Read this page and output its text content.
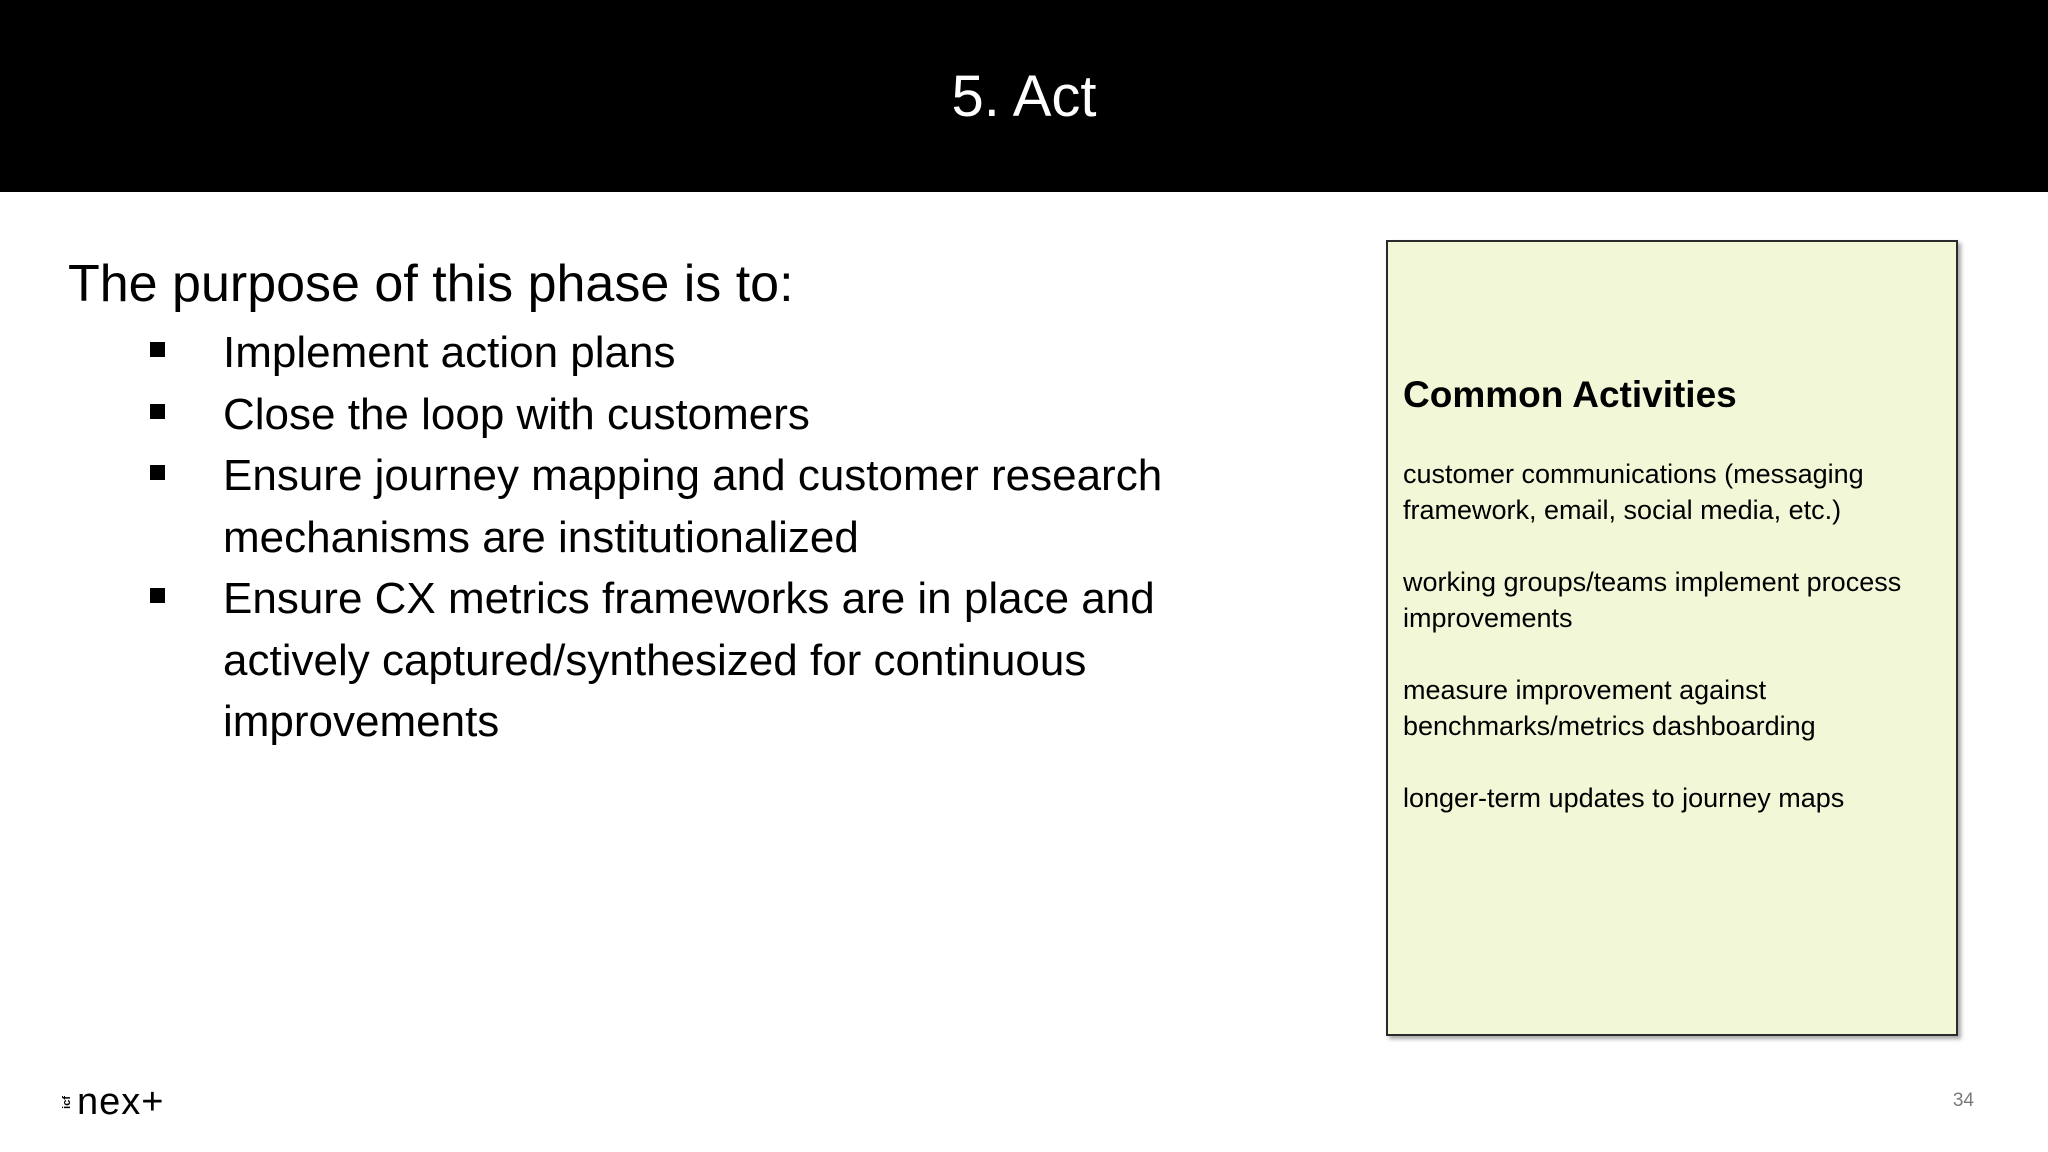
5. Act

The purpose of this phase is to:

Implement action plans
Close the loop with customers
Ensure journey mapping and customer research mechanisms are institutionalized
Ensure CX metrics frameworks are in place and actively captured/synthesized for continuous improvements
Common Activities
customer communications (messaging framework, email, social media, etc.)
working groups/teams implement process improvements
measure improvement against benchmarks/metrics dashboarding
longer-term updates to journey maps
icf nex+	34
